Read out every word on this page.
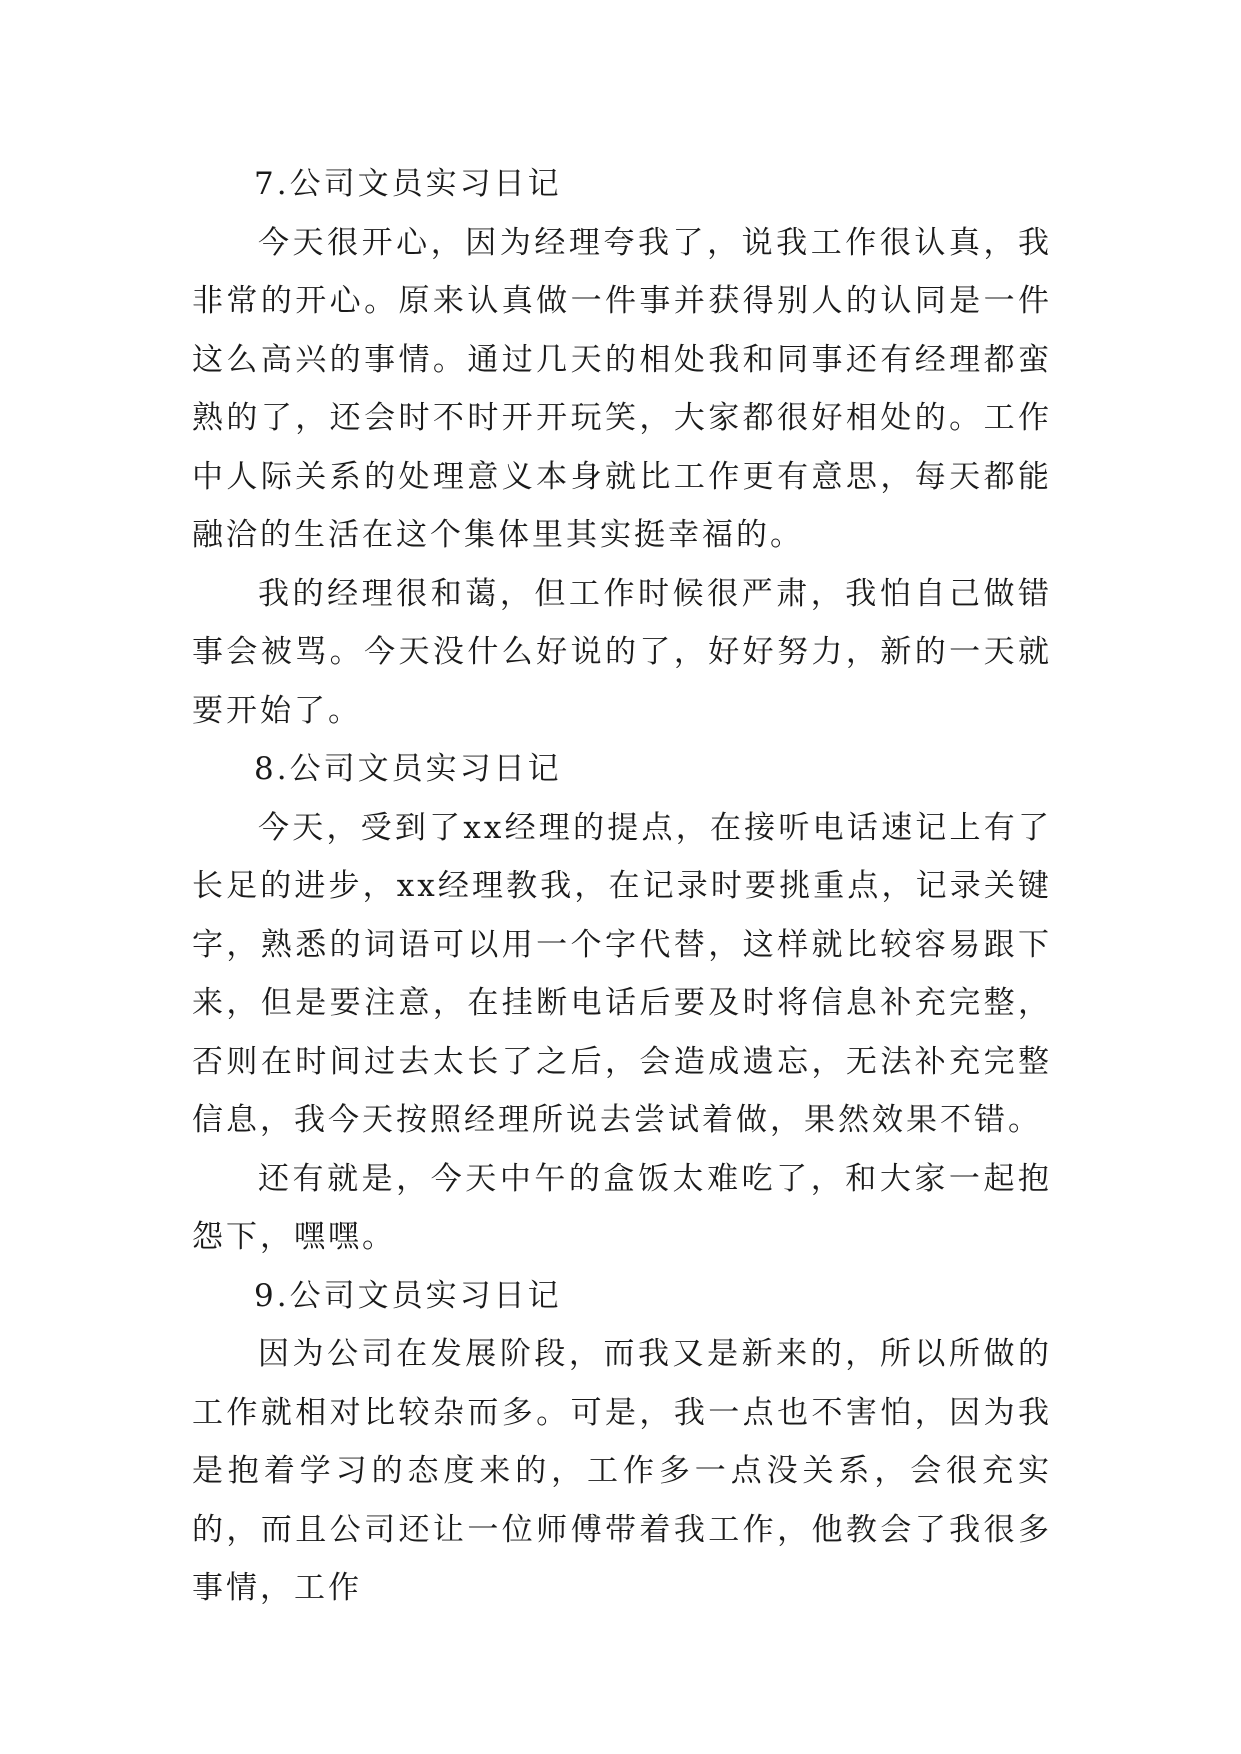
7.公司文员实习日记

今天很开心，因为经理夸我了，说我工作很认真，我非常的开心。原来认真做一件事并获得别人的认同是一件这么高兴的事情。通过几天的相处我和同事还有经理都蛮熟的了，还会时不时开开玩笑，大家都很好相处的。工作中人际关系的处理意义本身就比工作更有意思，每天都能融洽的生活在这个集体里其实挺幸福的。

我的经理很和蔼，但工作时候很严肃，我怕自己做错事会被骂。今天没什么好说的了，好好努力，新的一天就要开始了。

8.公司文员实习日记

今天，受到了xx经理的提点，在接听电话速记上有了长足的进步，xx经理教我，在记录时要挑重点，记录关键字，熟悉的词语可以用一个字代替，这样就比较容易跟下来，但是要注意，在挂断电话后要及时将信息补充完整，否则在时间过去太长了之后，会造成遗忘，无法补充完整信息，我今天按照经理所说去尝试着做，果然效果不错。

还有就是，今天中午的盒饭太难吃了，和大家一起抱怨下，嘿嘿。

9.公司文员实习日记

因为公司在发展阶段，而我又是新来的，所以所做的工作就相对比较杂而多。可是，我一点也不害怕，因为我是抱着学习的态度来的，工作多一点没关系，会很充实的，而且公司还让一位师傅带着我工作，他教会了我很多事情，工作
